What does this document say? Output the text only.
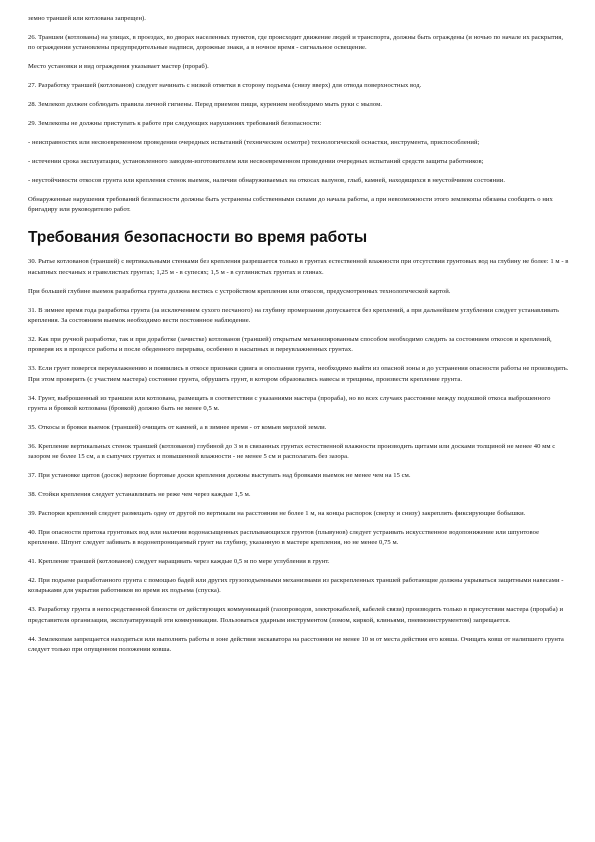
земно траншей или котлована запрещен).

26. Траншеи (котлованы) на улицах, в проездах, во дворах населенных пунктов, где происходит движение людей и транспорта, должны быть ограждены (и ночью по начале их раскрытия, по ограждении установлены предупредительные надписи, дорожные знаки, а в ночное время - сигнальное освещение.

Место установки и вид ограждения указывает мастер (прораб).

27. Разработку траншей (котлованов) следует начинать с низкой отметки в сторону подъема (снизу вверх) для отвода поверхностных вод.

28. Землекоп должен соблюдать правила личной гигиены. Перед приемом пищи, курением необходимо мыть руки с мылом.

29. Землекопы не должны приступать к работе при следующих нарушениях требований безопасности:

- неисправностях или несвоевременном проведении очередных испытаний (техническом осмотре) технологической оснастки, инструмента, приспособлений;

- истечении срока эксплуатации, установленного заводом-изготовителем или несвоевременном проведении очередных испытаний средств защиты работников;

- неустойчивости откосов грунта или крепления стенок выемок, наличии обнаруживаемых на откосах валунов, глыб, камней, находящихся в неустойчивом состоянии.

Обнаруженные нарушения требований безопасности должны быть устранены собственными силами до начала работы, а при невозможности этого землекопы обязаны сообщить о них бригадиру или руководителю работ.

Требования безопасности во время работы

30. Рытье котлованов (траншей) с вертикальными стенками без крепления разрешается только в грунтах естественной влажности при отсутствии грунтовых вод на глубину не более: 1 м - в насыпных песчаных и гравелистых грунтах; 1,25 м - в супесях; 1,5 м - в суглинистых грунтах и глинах.

При большей глубине выемок разработка грунта должна вестись с устройством крепления или откосов, предусмотренных технологической картой.

31. В зимнее время года разработка грунта (за исключением сухого песчаного) на глубину промерзания допускается без креплений, а при дальнейшем углублении следует устанавливать крепления. За состоянием выемок необходимо вести постоянное наблюдение.

32. Как при ручной разработке, так и при доработке (зачистке) котлованов (траншей) открытым механизированным способом необходимо следить за состоянием откосов и креплений, проверяя их в процессе работы и после обеденного перерыва, особенно в насыпных и переувлажненных грунтах.

33. Если грунт повергся переувлажнению и появились в откосе признаки сдвига и оползания грунта, необходимо выйти из опасной зоны и до устранения опасности работы не производить. При этом проверить (с участием мастера) состояние грунта, обрушить грунт, в котором образовались навесы и трещины, произвести крепление грунта.

34. Грунт, выброшенный из траншеи или котлована, размещать в соответствии с указаниями мастера (прораба), но во всех случаях расстояние между подошвой откоса выброшенного грунта и бровкой котлована (бровкой) должно быть не менее 0,5 м.

35. Откосы и бровки выемок (траншей) очищать от камней, а в зимнее время - от комьев мерзлой земли.

36. Крепление вертикальных стенок траншей (котлованов) глубиной до 3 м в связанных грунтах естественной влажности производить щитами или досками толщиной не менее 40 мм с зазором не более 15 см, а в сыпучих грунтах и повышенной влажности - не менее 5 см и располагать без зазора.

37. При установке щитов (досок) верхние бортовые доски крепления должны выступать над бровками выемок не менее чем на 15 см.

38. Стойки крепления следует устанавливать не реже чем через каждые 1,5 м.

39. Распорки креплений следует размещать одну от другой по вертикали на расстоянии не более 1 м, на концы распорок (сверху и снизу) закреплять фиксирующие бобышки.

40. При опасности притока грунтовых вод или наличии водонасыщенных расплывающихся грунтов (плывунов) следует устраивать искусственное водопонижение или шпунтовое крепление. Шпунт следует забивать в водонепроницаемый грунт на глубину, указанную в мастере крепления, но не менее 0,75 м.

41. Крепление траншей (котлованов) следует наращивать через каждые 0,5 м по мере углубления в грунт.

42. При подъеме разработанного грунта с помощью бадей или других грузоподъемными механизмами из раскрепленных траншей работающие должны укрываться защитными навесами - козырьками для укрытия работников во время их подъема (спуска).

43. Разработку грунта в непосредственной близости от действующих коммуникаций (газопроводов, электрокабелей, кабелей связи) производить только в присутствии мастера (прораба) и представителя организации, эксплуатирующей эти коммуникации. Пользоваться ударным инструментом (ломом, киркой, клиньями, пневмоинструментом) запрещается.

44. Землекопам запрещается находиться или выполнять работы в зоне действия экскаватора на расстоянии не менее 10 м от места действия его ковша. Очищать ковш от налипшего грунта следует только при опущенном положении ковша.
